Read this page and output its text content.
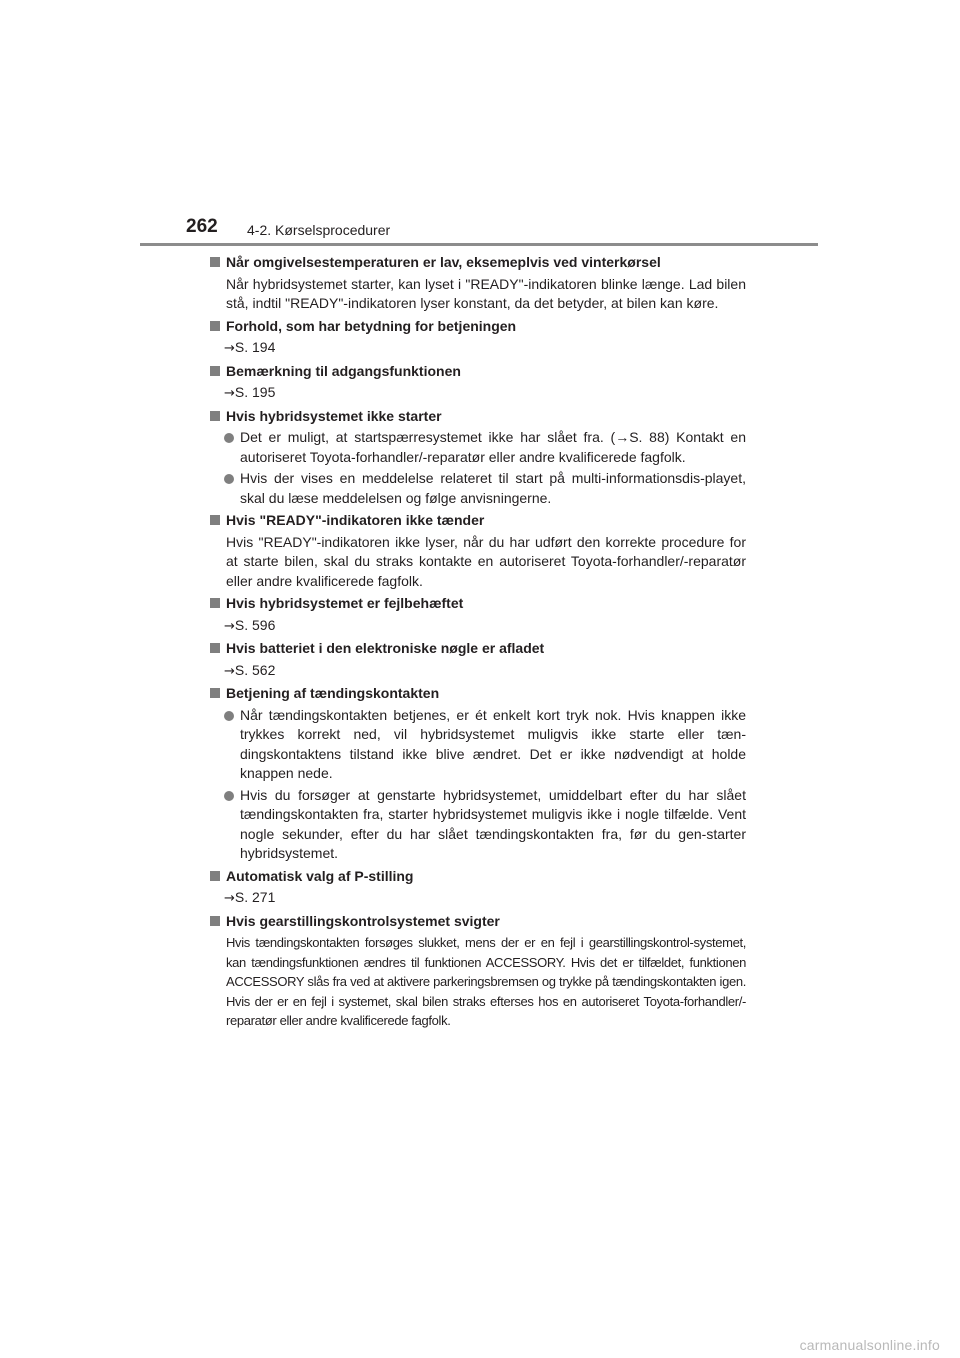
262 4-2. Kørselsprocedurer
Når omgivelsestemperaturen er lav, eksemeplvis ved vinterkørsel
Når hybridsystemet starter, kan lyset i "READY"-indikatoren blinke længe. Lad bilen stå, indtil "READY"-indikatoren lyser konstant, da det betyder, at bilen kan køre.
Forhold, som har betydning for betjeningen
→S. 194
Bemærkning til adgangsfunktionen
→S. 195
Hvis hybridsystemet ikke starter
Det er muligt, at startspærresystemet ikke har slået fra. (→S. 88) Kontakt en autoriseret Toyota-forhandler/-reparatør eller andre kvalificerede fagfolk.
Hvis der vises en meddelelse relateret til start på multi-informationsdis-playet, skal du læse meddelelsen og følge anvisningerne.
Hvis "READY"-indikatoren ikke tænder
Hvis "READY"-indikatoren ikke lyser, når du har udført den korrekte procedure for at starte bilen, skal du straks kontakte en autoriseret Toyota-forhandler/-reparatør eller andre kvalificerede fagfolk.
Hvis hybridsystemet er fejlbehæftet
→S. 596
Hvis batteriet i den elektroniske nøgle er afladet
→S. 562
Betjening af tændingskontakten
Når tændingskontakten betjenes, er ét enkelt kort tryk nok. Hvis knappen ikke trykkes korrekt ned, vil hybridsystemet muligvis ikke starte eller tæn-dingskontaktens tilstand ikke blive ændret. Det er ikke nødvendigt at holde knappen nede.
Hvis du forsøger at genstarte hybridsystemet, umiddelbart efter du har slået tændingskontakten fra, starter hybridsystemet muligvis ikke i nogle tilfælde. Vent nogle sekunder, efter du har slået tændingskontakten fra, før du gen-starter hybridsystemet.
Automatisk valg af P-stilling
→S. 271
Hvis gearstillingskontrolsystemet svigter
Hvis tændingskontakten forsøges slukket, mens der er en fejl i gearstillingskontrol-systemet, kan tændingsfunktionen ændres til funktionen ACCESSORY. Hvis det er tilfældet, funktionen ACCESSORY slås fra ved at aktivere parkeringsbremsen og trykke på tændingskontakten igen. Hvis der er en fejl i systemet, skal bilen straks efterses hos en autoriseret Toyota-forhandler/-reparatør eller andre kvalificerede fagfolk.
carmanualsonline.info
